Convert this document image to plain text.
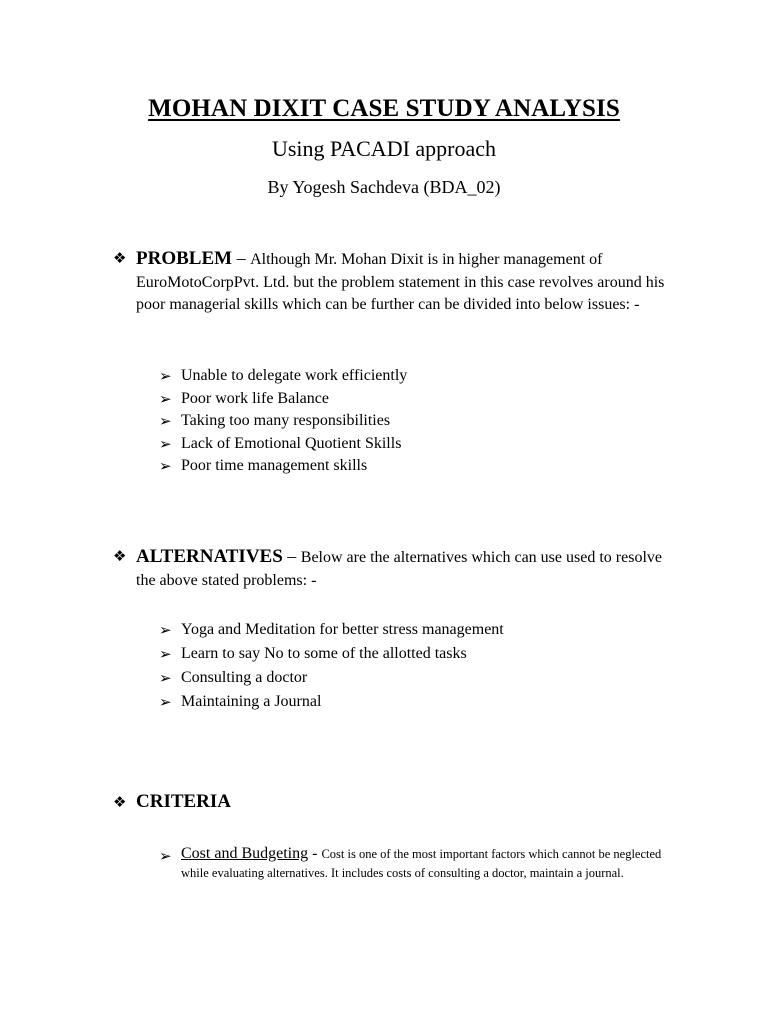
MOHAN DIXIT CASE STUDY ANALYSIS
Using PACADI approach
By Yogesh Sachdeva (BDA_02)
❖ PROBLEM – Although Mr. Mohan Dixit is in higher management of EuroMotoCorpPvt. Ltd. but the problem statement in this case revolves around his poor managerial skills which can be further can be divided into below issues: -
➢ Unable to delegate work efficiently
➢ Poor work life Balance
➢ Taking too many responsibilities
➢ Lack of Emotional Quotient Skills
➢ Poor time management skills
❖ ALTERNATIVES – Below are the alternatives which can use used to resolve the above stated problems: -
➢ Yoga and Meditation for better stress management
➢ Learn to say No to some of the allotted tasks
➢ Consulting a doctor
➢ Maintaining a Journal
❖ CRITERIA
➢ Cost and Budgeting - Cost is one of the most important factors which cannot be neglected while evaluating alternatives. It includes costs of consulting a doctor, maintain a journal.
